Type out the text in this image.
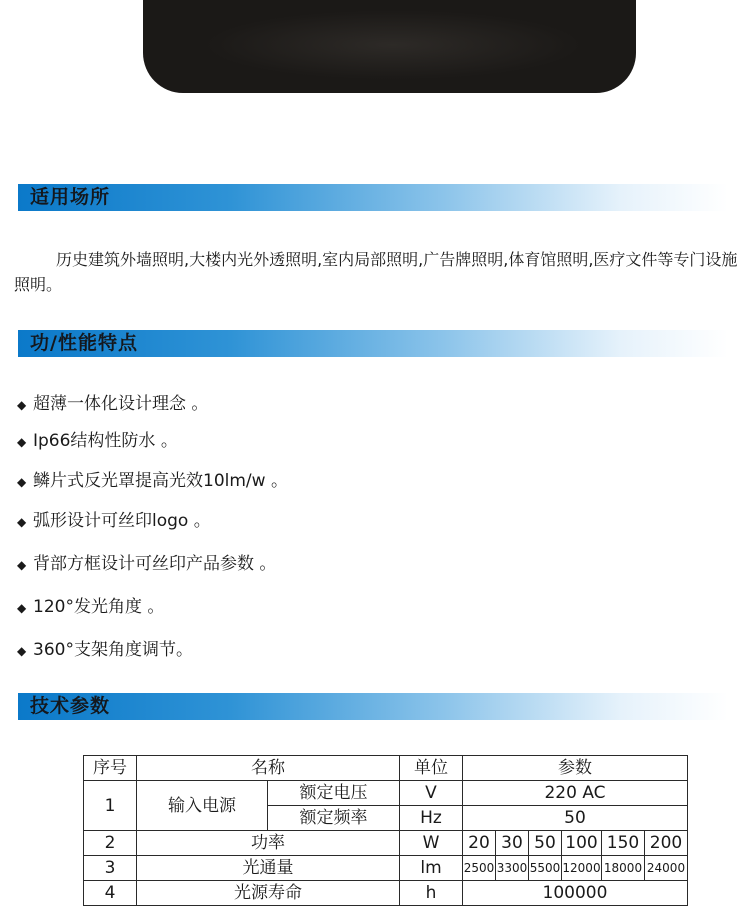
适用场所
历史建筑外墙照明,大楼内光外透照明,室内局部照明,广告牌照明,体育馆照明,医疗文件等专门设施照明。
功/性能特点
◆ 超薄一体化设计理念 。
◆ Ip66结构性防水 。
◆ 鳞片式反光罩提高光效10lm/w 。
◆ 弧形设计可丝印logo 。
◆ 背部方框设计可丝印产品参数 。
◆ 120°发光角度 。
◆ 360°支架角度调节。
技术参数
序号	名称		单位	参数					
1	输入电源	额定电压	V	220 AC					
		额定频率	Hz	50					
2	功率		W	20	30	50	100	150	200
3	光通量		lm	2500	3300	5500	12000	18000	24000
4	光源寿命		h	100000					
